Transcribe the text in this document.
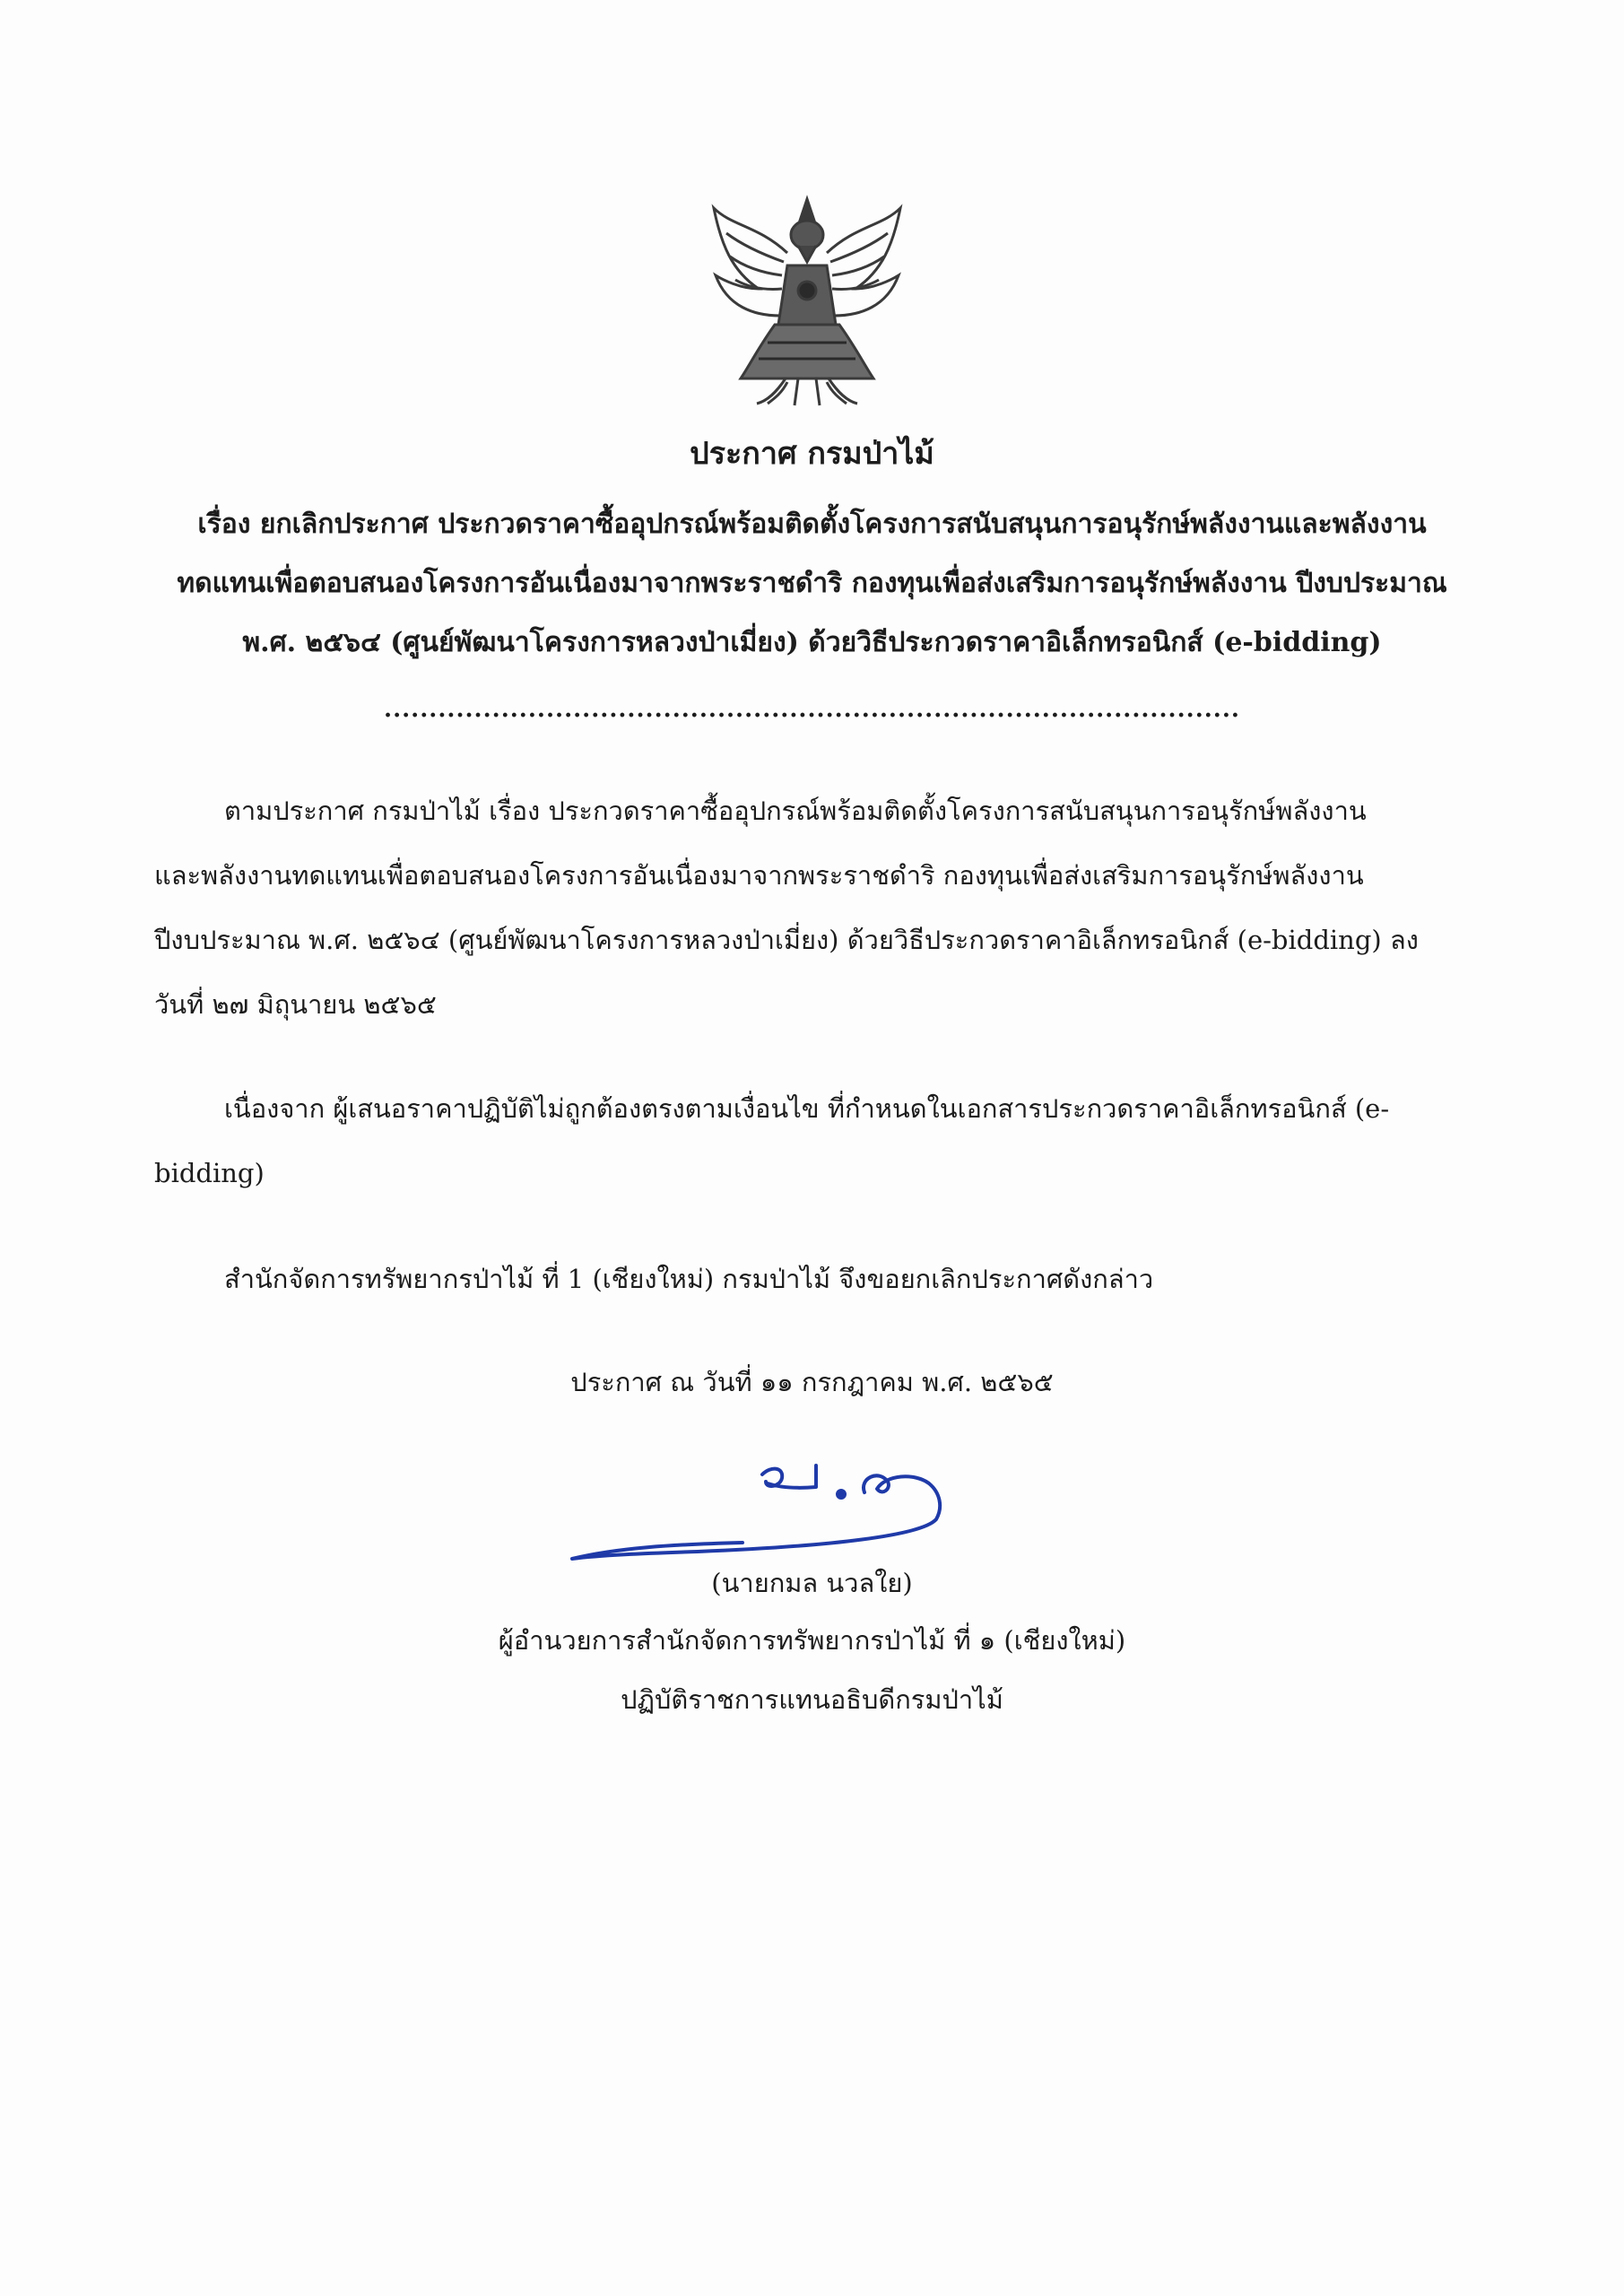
ประกาศ กรมป่าไม้
เรื่อง ยกเลิกประกาศ ประกวดราคาซื้ออุปกรณ์พร้อมติดตั้งโครงการสนับสนุนการอนุรักษ์พลังงานและพลังงาน
ทดแทนเพื่อตอบสนองโครงการอันเนื่องมาจากพระราชดำริ กองทุนเพื่อส่งเสริมการอนุรักษ์พลังงาน ปีงบประมาณ
พ.ศ. ๒๕๖๔ (ศูนย์พัฒนาโครงการหลวงป่าเมี่ยง) ด้วยวิธีประกวดราคาอิเล็กทรอนิกส์ (e-bidding)
...............................................................................................
ตามประกาศ กรมป่าไม้ เรื่อง ประกวดราคาซื้ออุปกรณ์พร้อมติดตั้งโครงการสนับสนุนการอนุรักษ์พลังงาน
และพลังงานทดแทนเพื่อตอบสนองโครงการอันเนื่องมาจากพระราชดำริ กองทุนเพื่อส่งเสริมการอนุรักษ์พลังงาน
ปีงบประมาณ พ.ศ. ๒๕๖๔ (ศูนย์พัฒนาโครงการหลวงป่าเมี่ยง) ด้วยวิธีประกวดราคาอิเล็กทรอนิกส์ (e-bidding) ลง
วันที่ ๒๗ มิถุนายน ๒๕๖๕
เนื่องจาก ผู้เสนอราคาปฏิบัติไม่ถูกต้องตรงตามเงื่อนไข ที่กำหนดในเอกสารประกวดราคาอิเล็กทรอนิกส์ (e-
bidding)
สำนักจัดการทรัพยากรป่าไม้ ที่ 1 (เชียงใหม่) กรมป่าไม้ จึงขอยกเลิกประกาศดังกล่าว
ประกาศ ณ วันที่ ๑๑ กรกฎาคม พ.ศ. ๒๕๖๕
(นายกมล นวลใย)
ผู้อำนวยการสำนักจัดการทรัพยากรป่าไม้ ที่ ๑ (เชียงใหม่)
ปฏิบัติราชการแทนอธิบดีกรมป่าไม้
